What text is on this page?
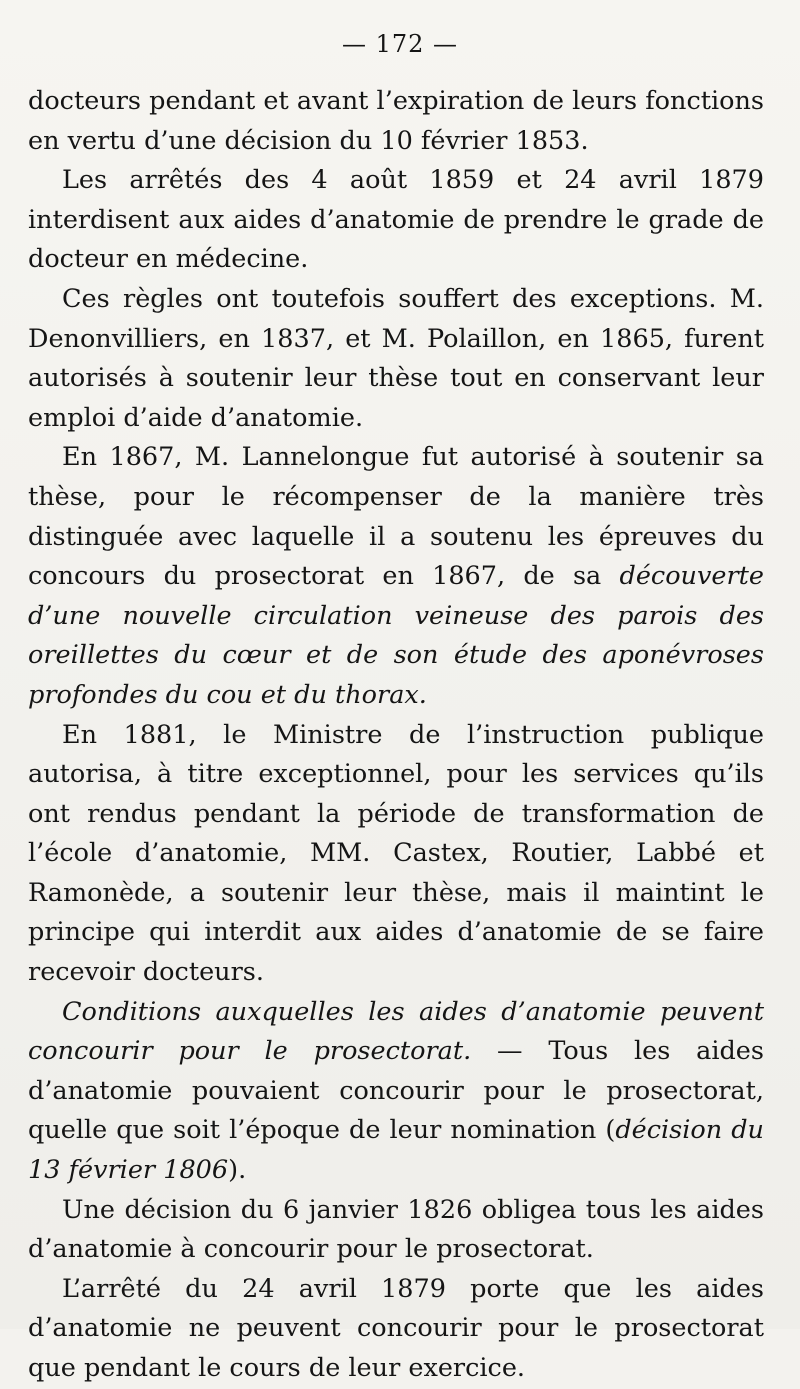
— 172 —

docteurs pendant et avant l’expiration de leurs fonctions en vertu d’une décision du 10 février 1853.

Les arrêtés des 4 août 1859 et 24 avril 1879 interdisent aux aides d’anatomie de prendre le grade de docteur en médecine.

Ces règles ont toutefois souffert des exceptions. M. Denonvilliers, en 1837, et M. Polaillon, en 1865, furent autorisés à soutenir leur thèse tout en conservant leur emploi d’aide d’anatomie.

En 1867, M. Lannelongue fut autorisé à soutenir sa thèse, pour le récompenser de la manière très distinguée avec laquelle il a soutenu les épreuves du concours du prosectorat en 1867, de sa découverte d’une nouvelle circulation veineuse des parois des oreillettes du cœur et de son étude des aponévroses profondes du cou et du thorax.

En 1881, le Ministre de l’instruction publique autorisa, à titre exceptionnel, pour les services qu’ils ont rendus pendant la période de transformation de l’école d’anatomie, MM. Castex, Routier, Labbé et Ramonède, a soutenir leur thèse, mais il maintint le principe qui interdit aux aides d’anatomie de se faire recevoir docteurs.

Conditions auxquelles les aides d’anatomie peuvent concourir pour le prosectorat. — Tous les aides d’anatomie pouvaient concourir pour le prosectorat, quelle que soit l’époque de leur nomination (décision du 13 février 1806).

Une décision du 6 janvier 1826 obligea tous les aides d’anatomie à concourir pour le prosectorat.

L’arrêté du 24 avril 1879 porte que les aides d’anatomie ne peuvent concourir pour le prosectorat que pendant le cours de leur exercice.
